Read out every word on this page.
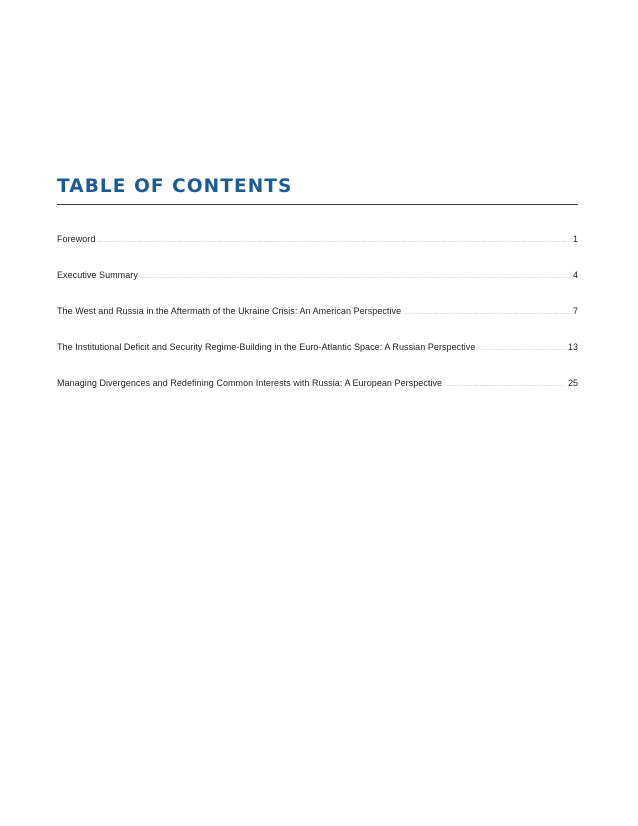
TABLE OF CONTENTS
Foreword .....	1
Executive Summary .....	4
The West and Russia in the Aftermath of the Ukraine Crisis: An American Perspective .....	7
The Institutional Deficit and Security Regime-Building in the Euro-Atlantic Space: A Russian Perspective .....	13
Managing Divergences and Redefining Common Interests with Russia: A European Perspective .....	25
